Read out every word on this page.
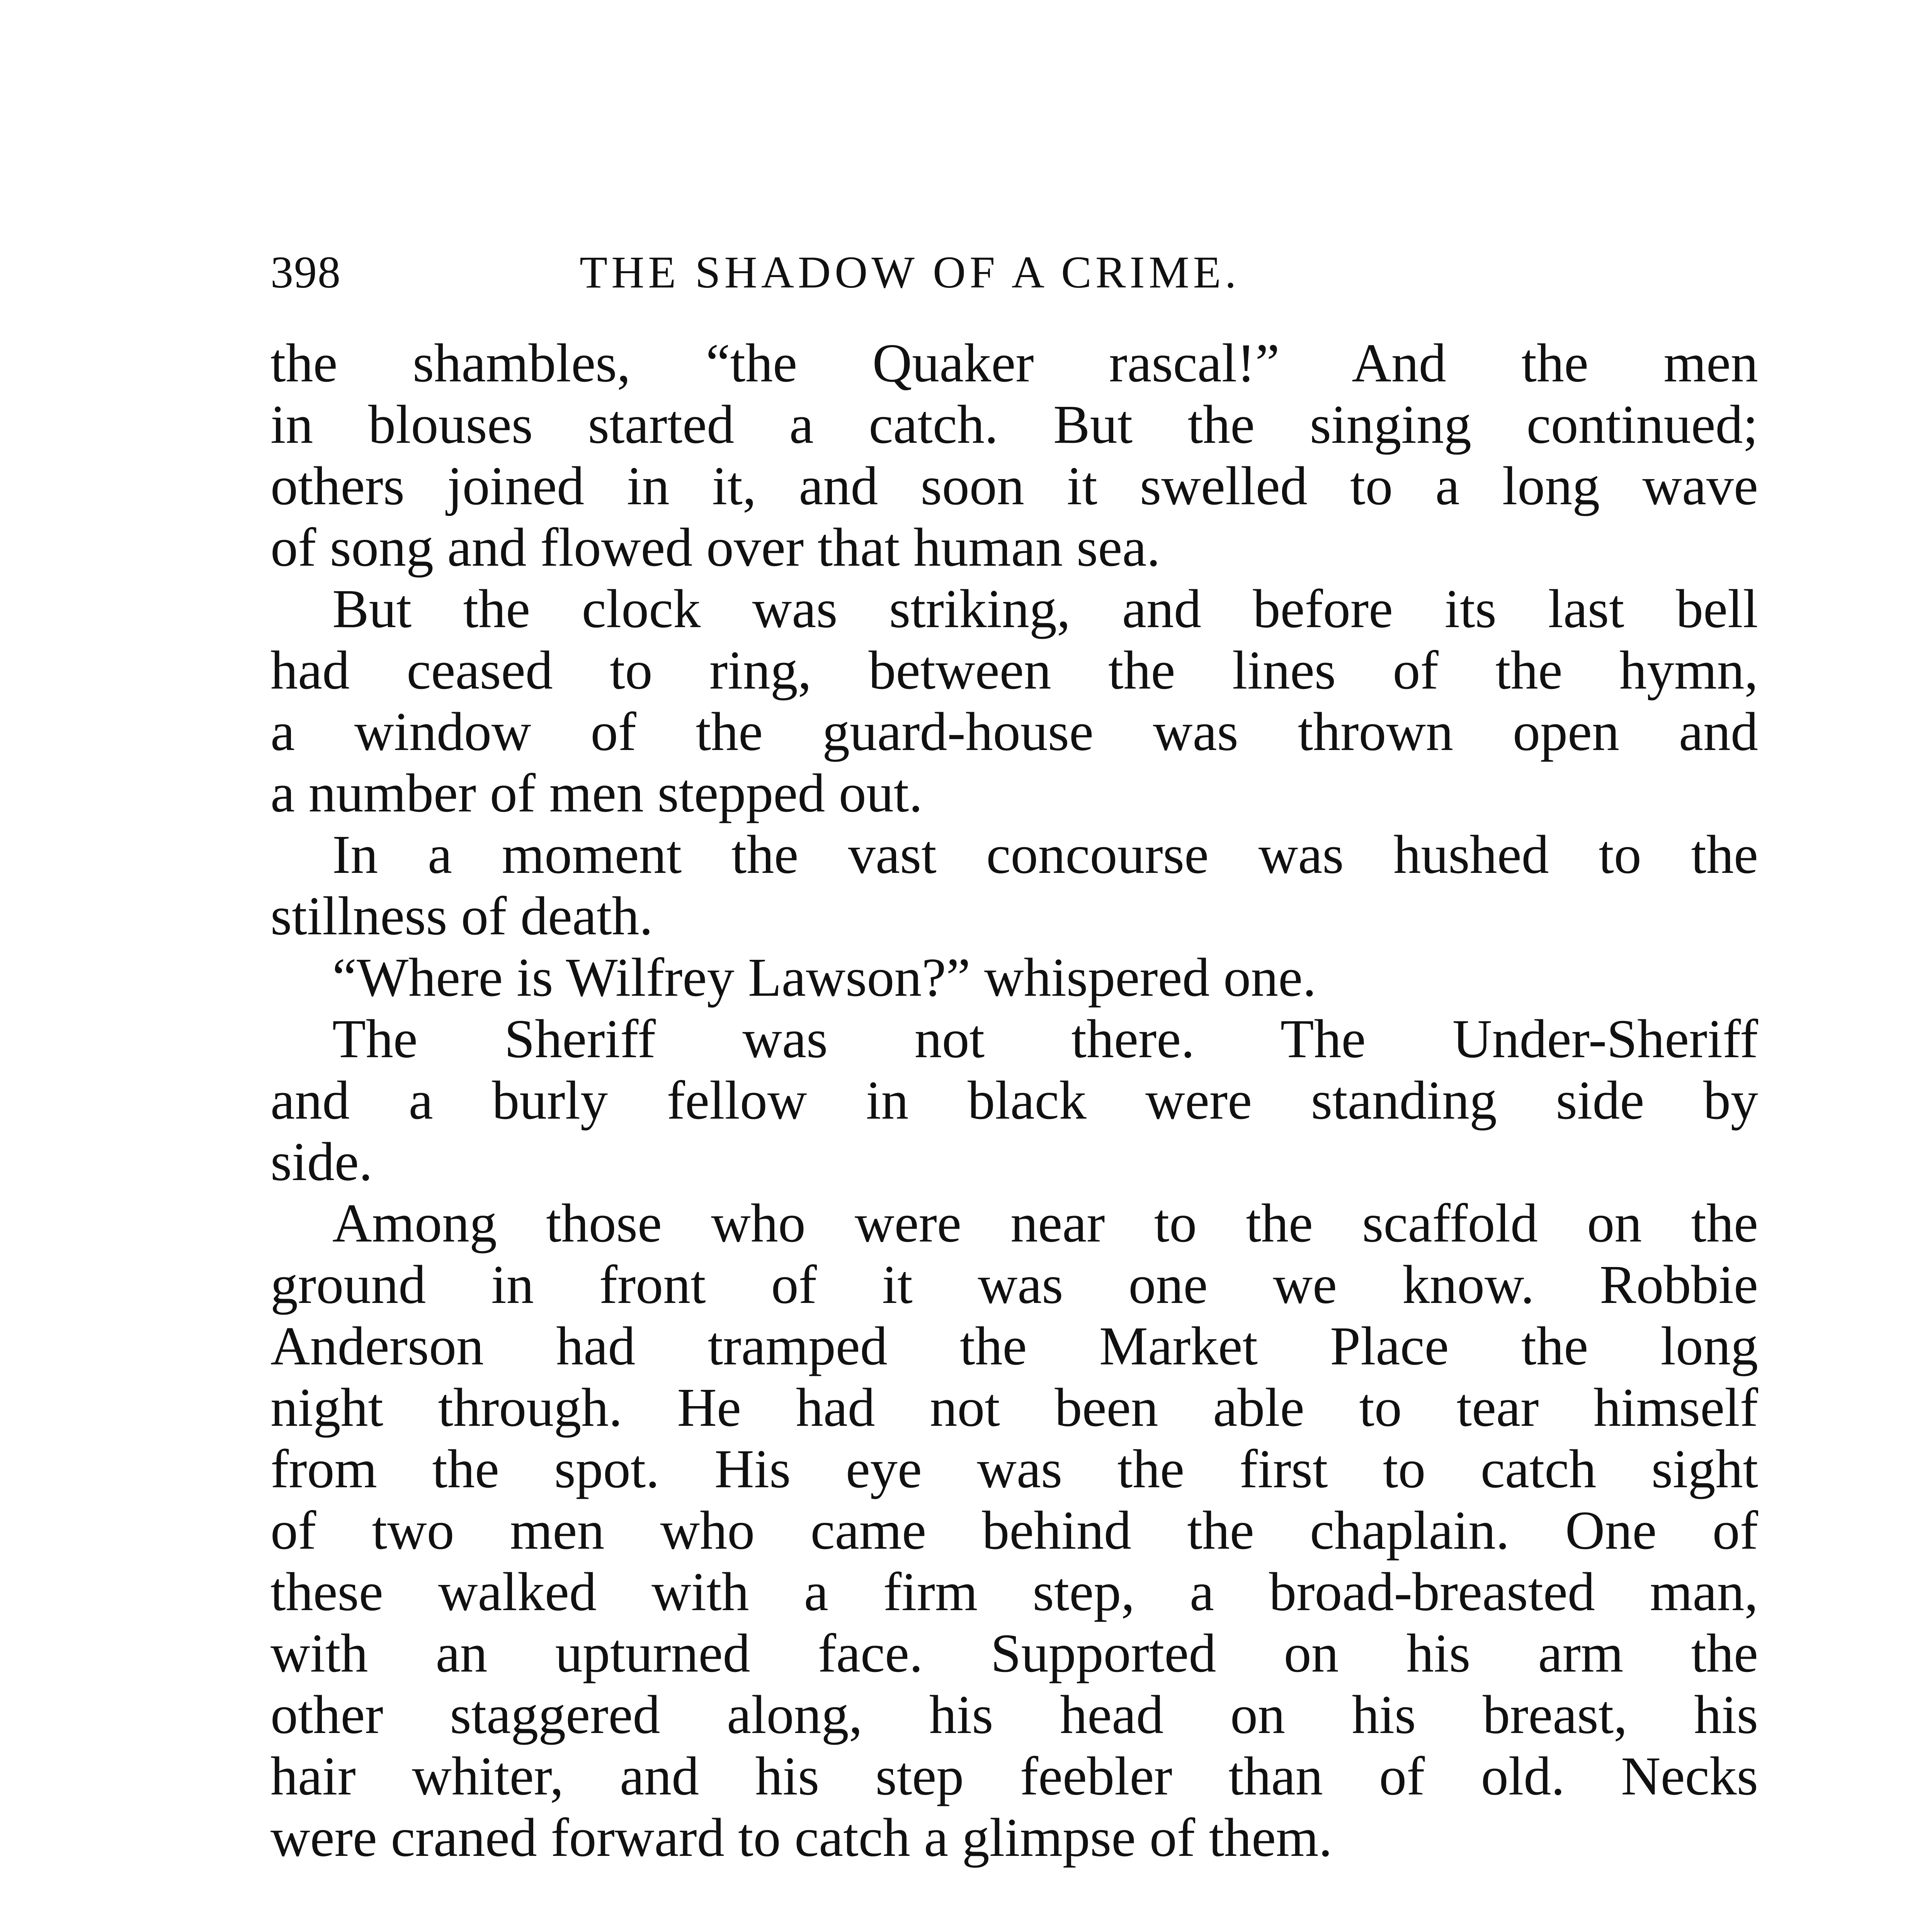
398	THE SHADOW OF A CRIME.
the shambles, “the Quaker rascal!” And the men
in blouses started a catch. But the singing continued;
others joined in it, and soon it swelled to a long wave
of song and flowed over that human sea.
But the clock was striking, and before its last bell
had ceased to ring, between the lines of the hymn,
a window of the guard-house was thrown open and
a number of men stepped out.
In a moment the vast concourse was hushed to the
stillness of death.
“Where is Wilfrey Lawson?” whispered one.
The Sheriff was not there. The Under-Sheriff
and a burly fellow in black were standing side by
side.
Among those who were near to the scaffold on the
ground in front of it was one we know. Robbie
Anderson had tramped the Market Place the long
night through. He had not been able to tear himself
from the spot. His eye was the first to catch sight
of two men who came behind the chaplain. One of
these walked with a firm step, a broad-breasted man,
with an upturned face. Supported on his arm the
other staggered along, his head on his breast, his
hair whiter, and his step feebler than of old. Necks
were craned forward to catch a glimpse of them.
